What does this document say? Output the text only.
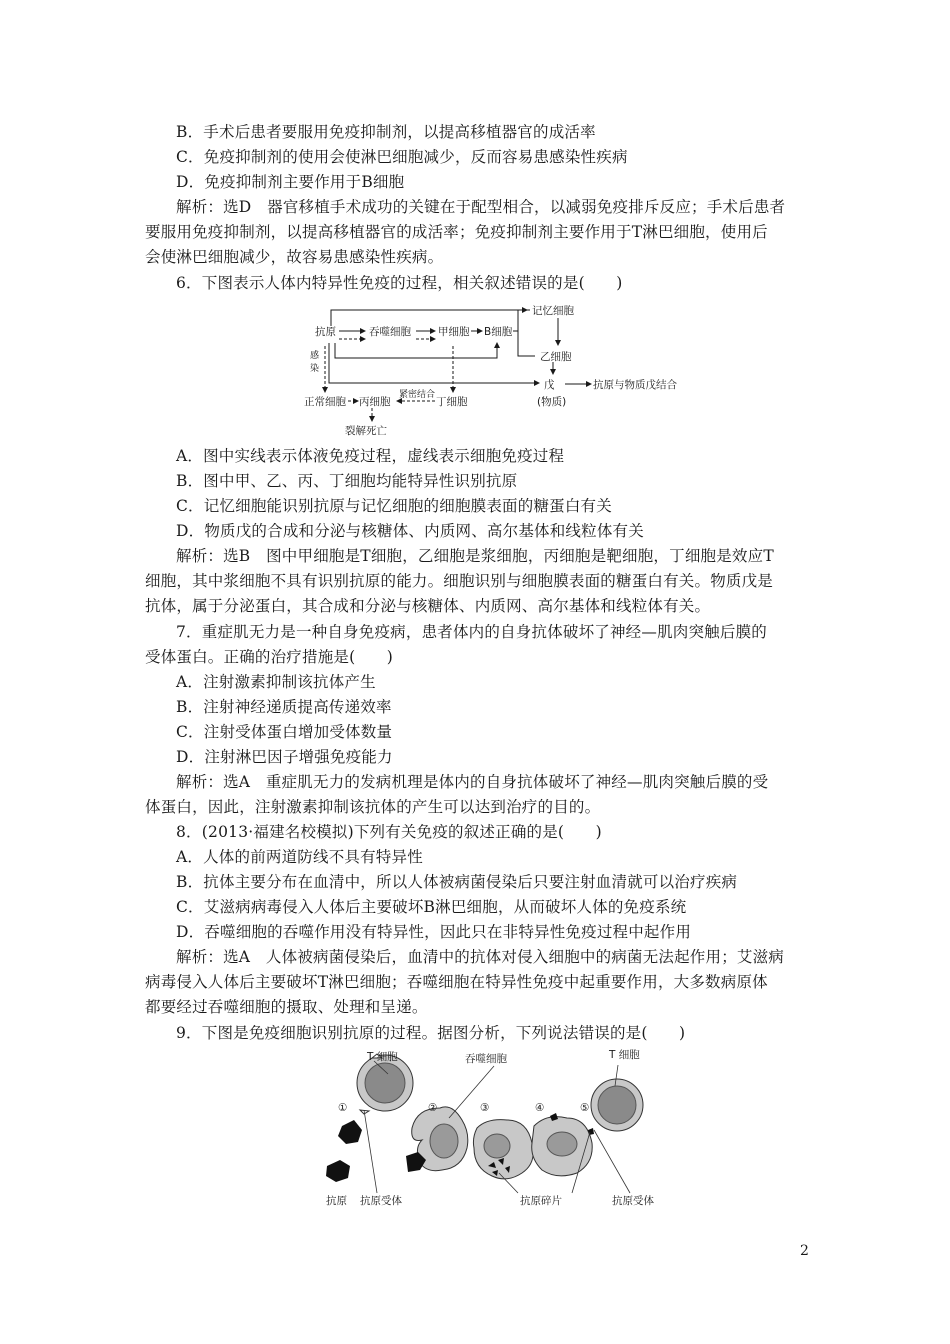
B．手术后患者要服用免疫抑制剂，以提高移植器官的成活率
C．免疫抑制剂的使用会使淋巴细胞减少，反而容易患感染性疾病
D．免疫抑制剂主要作用于B细胞
解析：选D　器官移植手术成功的关键在于配型相合，以减弱免疫排斥反应；手术后患者
要服用免疫抑制剂，以提高移植器官的成活率；免疫抑制剂主要作用于T淋巴细胞，使用后
会使淋巴细胞减少，故容易患感染性疾病。
6．下图表示人体内特异性免疫的过程，相关叙述错误的是(　　)
抗原	吞噬细胞	甲细胞 B细胞
记忆细胞
乙细胞
戊
(物质)
抗原与物质戊结合
感
染
正常细胞 丙细胞
紧密结合
丁细胞
裂解死亡
A．图中实线表示体液免疫过程，虚线表示细胞免疫过程
B．图中甲、乙、丙、丁细胞均能特异性识别抗原
C．记忆细胞能识别抗原与记忆细胞的细胞膜表面的糖蛋白有关
D．物质戊的合成和分泌与核糖体、内质网、高尔基体和线粒体有关
解析：选B　图中甲细胞是T细胞，乙细胞是浆细胞，丙细胞是靶细胞，丁细胞是效应T
细胞，其中浆细胞不具有识别抗原的能力。细胞识别与细胞膜表面的糖蛋白有关。物质戊是
抗体，属于分泌蛋白，其合成和分泌与核糖体、内质网、高尔基体和线粒体有关。
7．重症肌无力是一种自身免疫病，患者体内的自身抗体破坏了神经—肌肉突触后膜的
受体蛋白。正确的治疗措施是(　　)
A．注射激素抑制该抗体产生
B．注射神经递质提高传递效率
C．注射受体蛋白增加受体数量
D．注射淋巴因子增强免疫能力
解析：选A　重症肌无力的发病机理是体内的自身抗体破坏了神经—肌肉突触后膜的受
体蛋白，因此，注射激素抑制该抗体的产生可以达到治疗的目的。
8．(2013·福建名校模拟)下列有关免疫的叙述正确的是(　　)
A．人体的前两道防线不具有特异性
B．抗体主要分布在血清中，所以人体被病菌侵染后只要注射血清就可以治疗疾病
C．艾滋病病毒侵入人体后主要破坏B淋巴细胞，从而破坏人体的免疫系统
D．吞噬细胞的吞噬作用没有特异性，因此只在非特异性免疫过程中起作用
解析：选A　人体被病菌侵染后，血清中的抗体对侵入细胞中的病菌无法起作用；艾滋病
病毒侵入人体后主要破坏T淋巴细胞；吞噬细胞在特异性免疫中起重要作用，大多数病原体
都要经过吞噬细胞的摄取、处理和呈递。
9．下图是免疫细胞识别抗原的过程。据图分析，下列说法错误的是(　　)
T 细胞	吞噬细胞	T 细胞
①	②	③	④	⑤
抗原 抗原受体	抗原碎片	抗原受体
2
